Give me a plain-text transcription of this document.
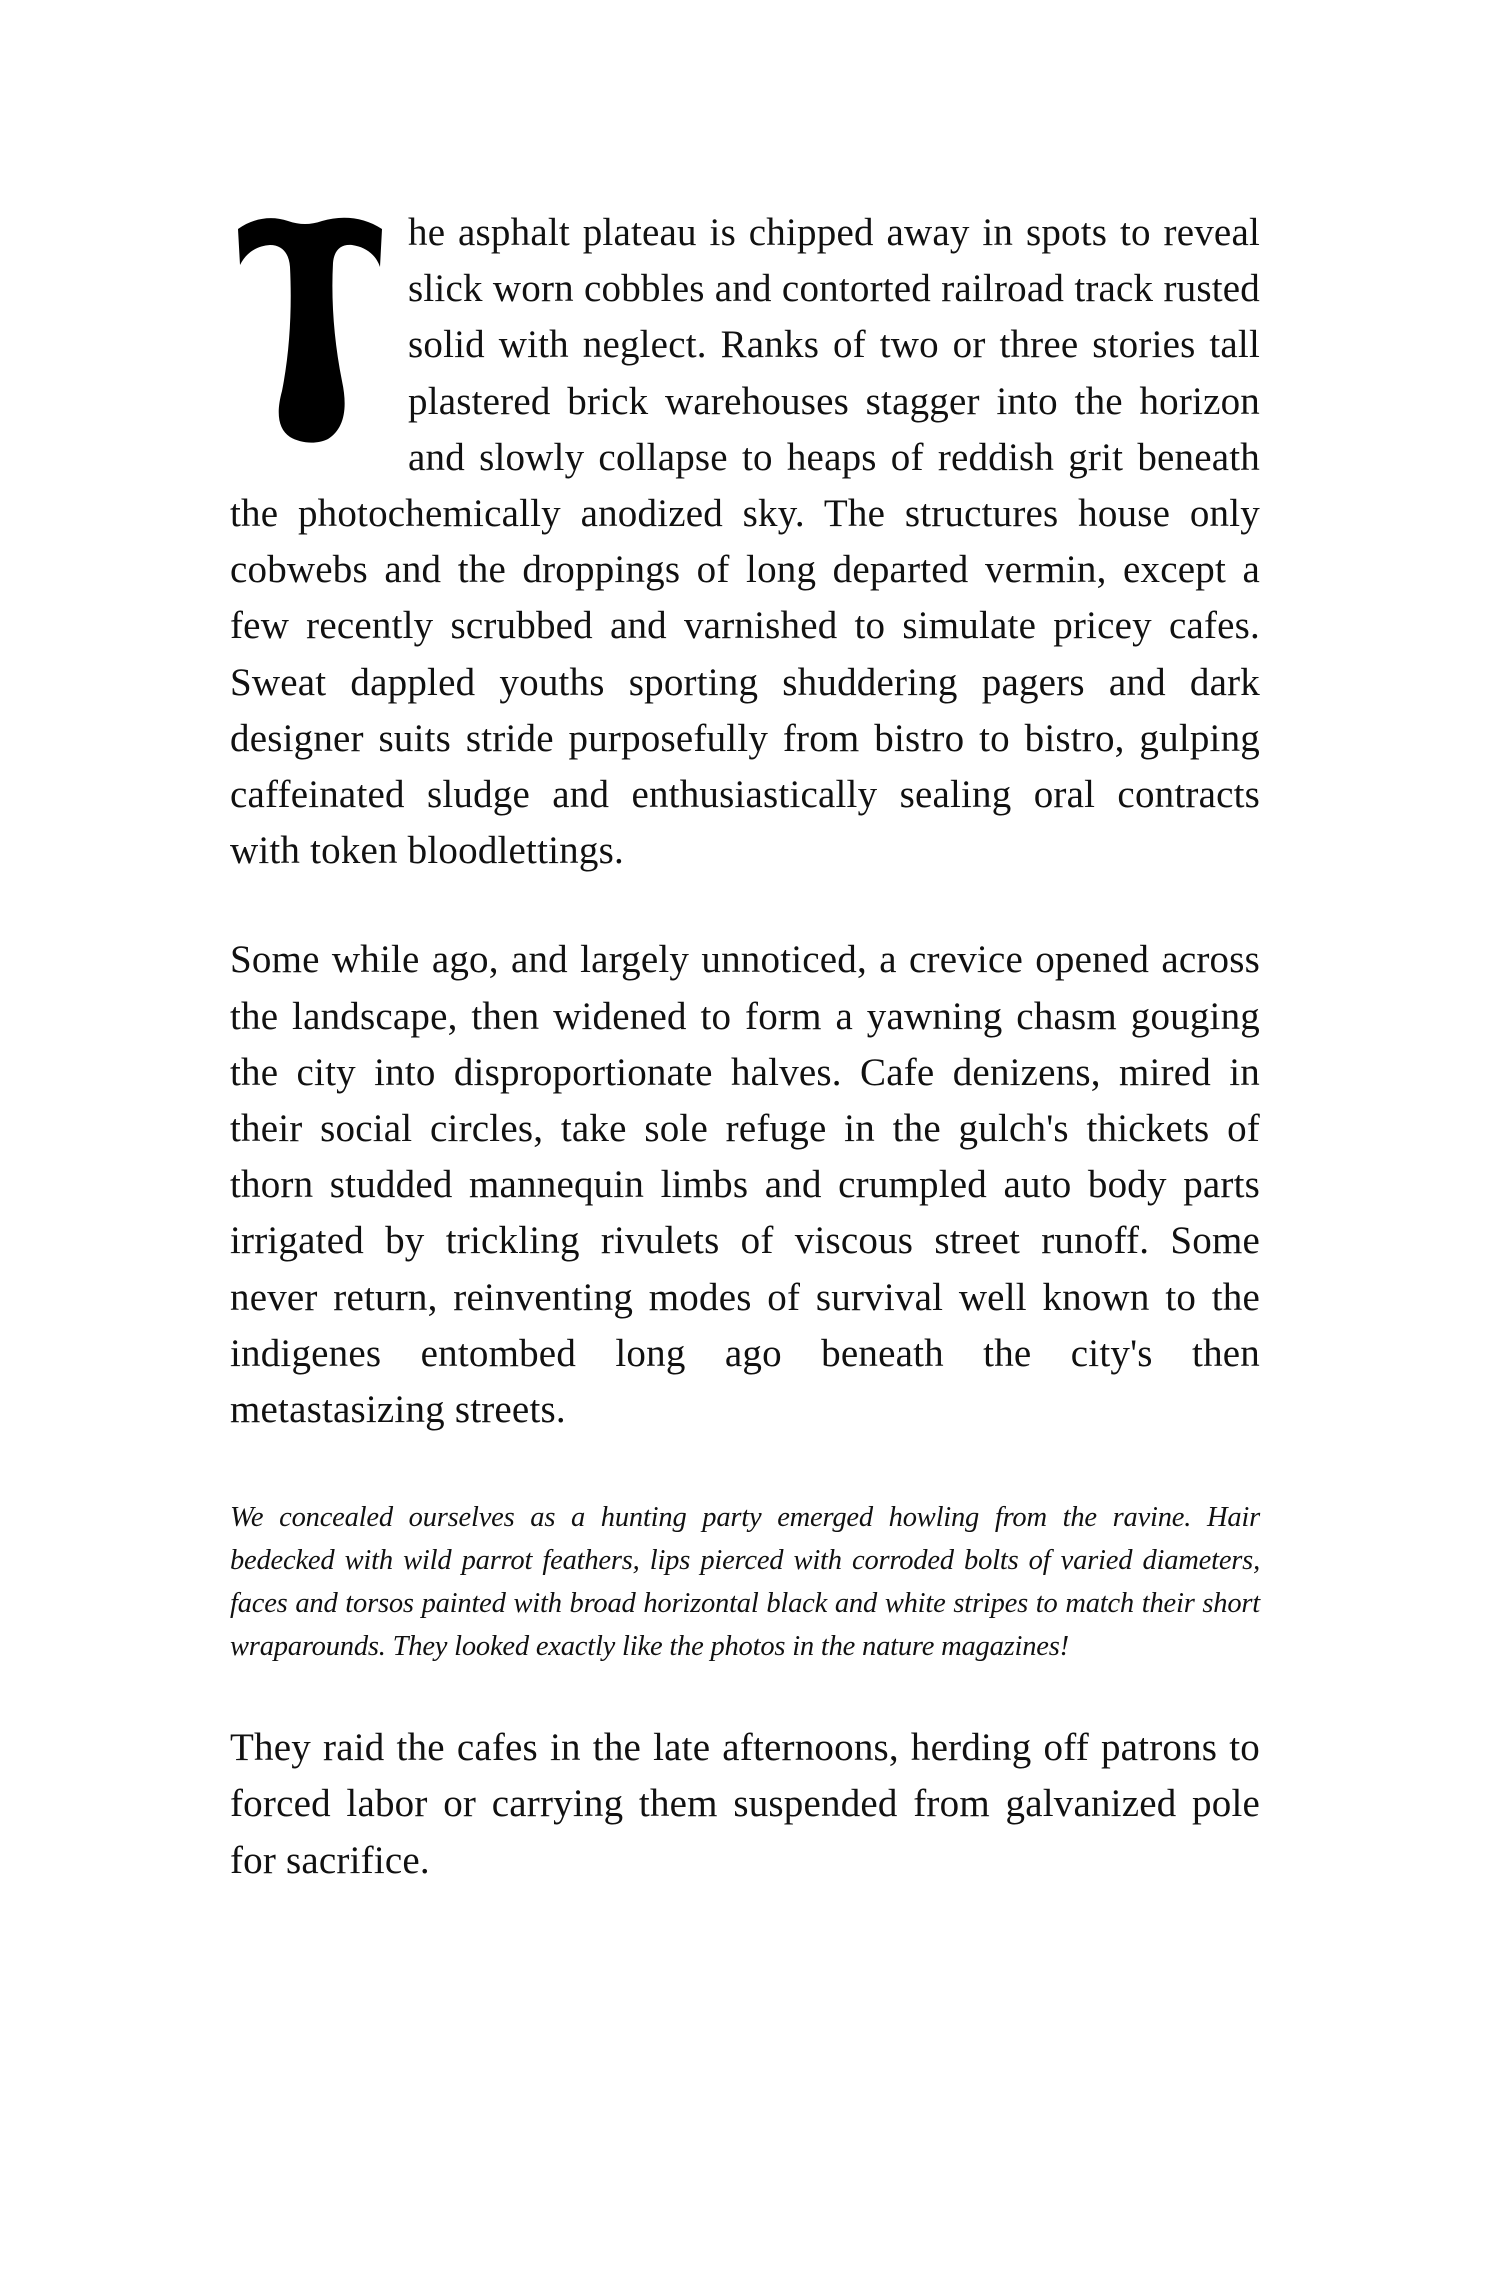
he asphalt plateau is chipped away in spots to reveal slick worn cobbles and contorted railroad track rusted solid with neglect. Ranks of two or three stories tall plastered brick warehouses stagger into the horizon and slowly collapse to heaps of reddish grit beneath the photochemically anodized sky. The structures house only cobwebs and the droppings of long departed vermin, except a few recently scrubbed and varnished to simulate pricey cafes. Sweat dappled youths sporting shuddering pagers and dark designer suits stride purposefully from bistro to bistro, gulping caffeinated sludge and enthusiastically sealing oral contracts with token bloodlettings.

Some while ago, and largely unnoticed, a crevice opened across the landscape, then widened to form a yawning chasm gouging the city into disproportionate halves. Cafe denizens, mired in their social circles, take sole refuge in the gulch's thickets of thorn studded mannequin limbs and crumpled auto body parts irrigated by trickling rivulets of viscous street runoff. Some never return, reinventing modes of survival well known to the indigenes entombed long ago beneath the city's then metastasizing streets.

We concealed ourselves as a hunting party emerged howling from the ravine. Hair bedecked with wild parrot feathers, lips pierced with corroded bolts of varied diameters, faces and torsos painted with broad horizontal black and white stripes to match their short wraparounds. They looked exactly like the photos in the nature magazines!

They raid the cafes in the late afternoons, herding off patrons to forced labor or carrying them suspended from galvanized pole for sacrifice.
